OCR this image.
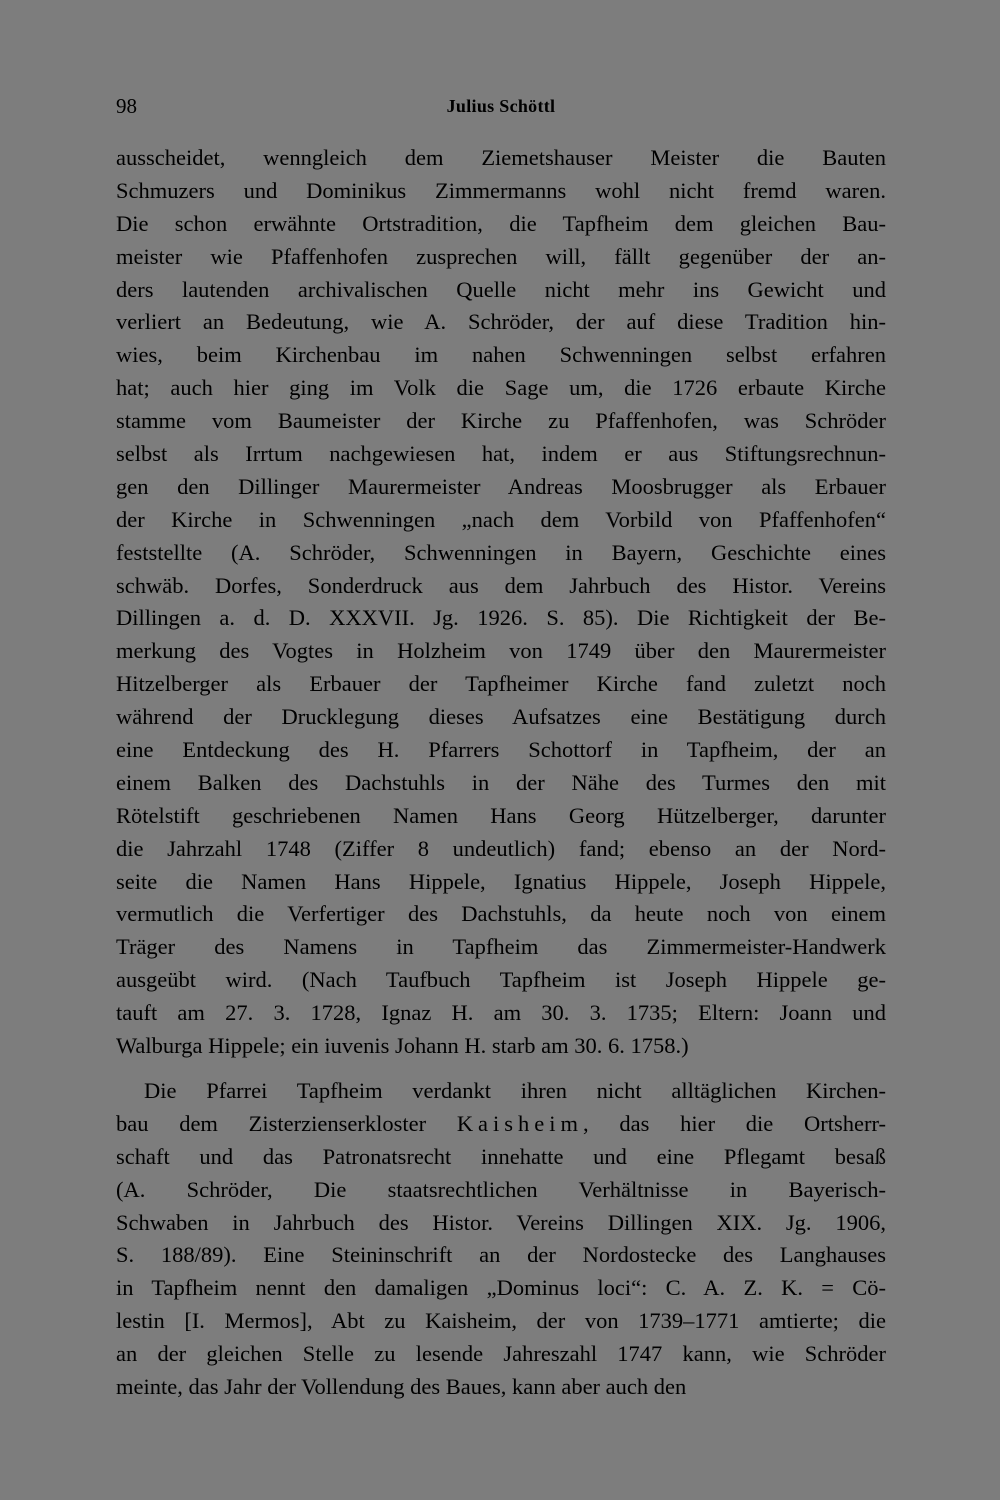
98	Julius Schöttl
ausscheidet, wenngleich dem Ziemetshauser Meister die Bauten
Schmuzers und Dominikus Zimmermanns wohl nicht fremd waren.
Die schon erwähnte Ortstradition, die Tapfheim dem gleichen Bau-
meister wie Pfaffenhofen zusprechen will, fällt gegenüber der an-
ders lautenden archivalischen Quelle nicht mehr ins Gewicht und
verliert an Bedeutung, wie A. Schröder, der auf diese Tradition hin-
wies, beim Kirchenbau im nahen Schwenningen selbst erfahren
hat; auch hier ging im Volk die Sage um, die 1726 erbaute Kirche
stamme vom Baumeister der Kirche zu Pfaffenhofen, was Schröder
selbst als Irrtum nachgewiesen hat, indem er aus Stiftungsrechnun-
gen den Dillinger Maurermeister Andreas Moosbrugger als Erbauer
der Kirche in Schwenningen „nach dem Vorbild von Pfaffenhofen“
feststellte (A. Schröder, Schwenningen in Bayern, Geschichte eines
schwäb. Dorfes, Sonderdruck aus dem Jahrbuch des Histor. Vereins
Dillingen a. d. D. XXXVII. Jg. 1926. S. 85). Die Richtigkeit der Be-
merkung des Vogtes in Holzheim von 1749 über den Maurermeister
Hitzelberger als Erbauer der Tapfheimer Kirche fand zuletzt noch
während der Drucklegung dieses Aufsatzes eine Bestätigung durch
eine Entdeckung des H. Pfarrers Schottorf in Tapfheim, der an
einem Balken des Dachstuhls in der Nähe des Turmes den mit
Rötelstift geschriebenen Namen Hans Georg Hützelberger, darunter
die Jahrzahl 1748 (Ziffer 8 undeutlich) fand; ebenso an der Nord-
seite die Namen Hans Hippele, Ignatius Hippele, Joseph Hippele,
vermutlich die Verfertiger des Dachstuhls, da heute noch von einem
Träger des Namens in Tapfheim das Zimmermeister-Handwerk
ausgeübt wird. (Nach Taufbuch Tapfheim ist Joseph Hippele ge-
tauft am 27. 3. 1728, Ignaz H. am 30. 3. 1735; Eltern: Joann und
Walburga Hippele; ein iuvenis Johann H. starb am 30. 6. 1758.)
Die Pfarrei Tapfheim verdankt ihren nicht alltäglichen Kirchen-
bau dem Zisterzienserkloster Kaisheim, das hier die Ortsherr-
schaft und das Patronatsrecht innehatte und eine Pflegamt besaß
(A. Schröder, Die staatsrechtlichen Verhältnisse in Bayerisch-
Schwaben in Jahrbuch des Histor. Vereins Dillingen XIX. Jg. 1906,
S. 188/89). Eine Steininschrift an der Nordostecke des Langhauses
in Tapfheim nennt den damaligen „Dominus loci“: C. A. Z. K. = Cö-
lestin [I. Mermos], Abt zu Kaisheim, der von 1739–1771 amtierte; die
an der gleichen Stelle zu lesende Jahreszahl 1747 kann, wie Schröder
meinte, das Jahr der Vollendung des Baues, kann aber auch den
